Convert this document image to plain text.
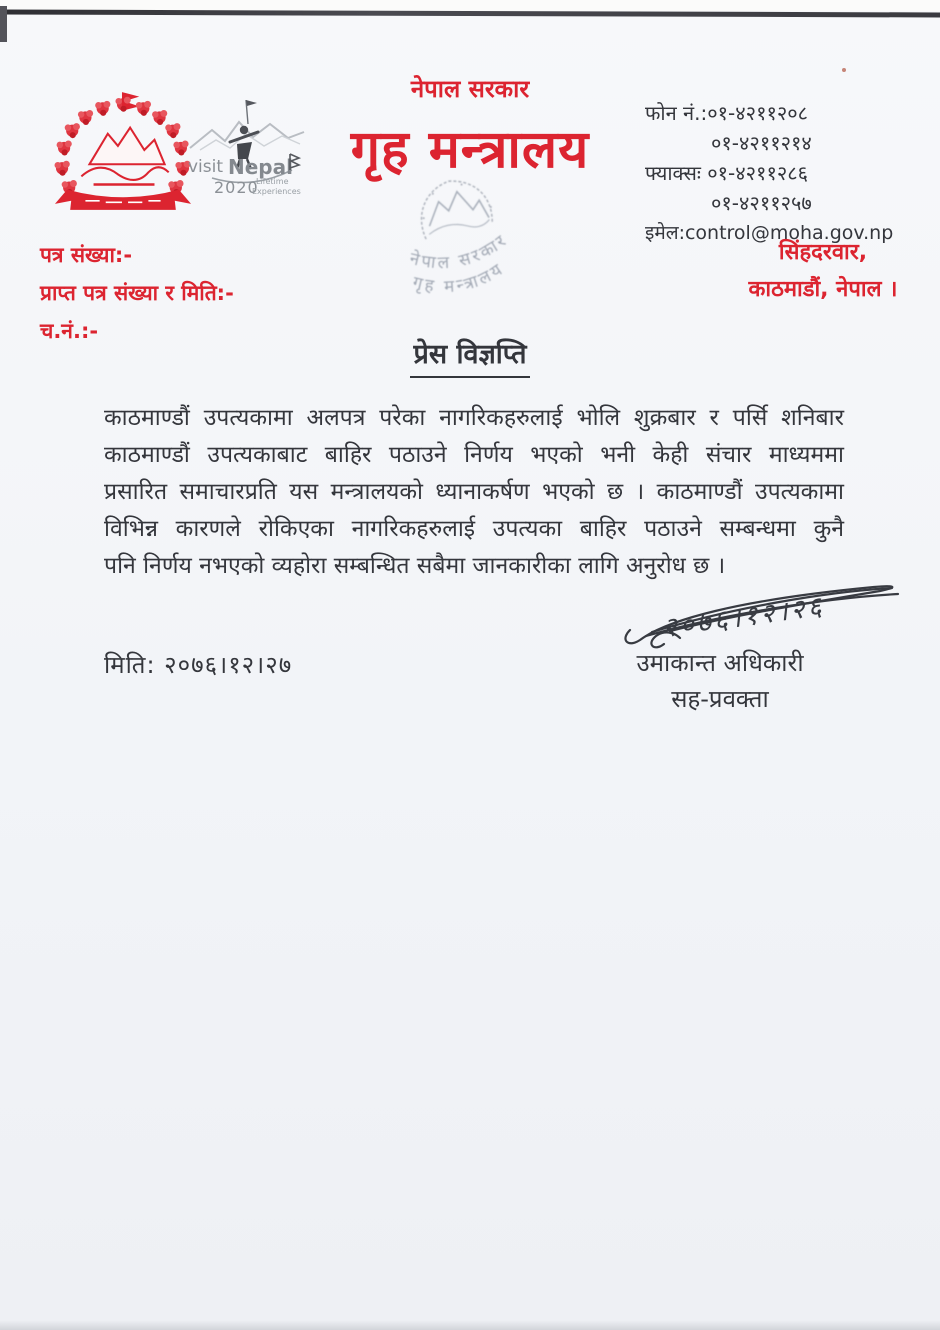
नेपाल सरकार
गृह मन्त्रालय
visit Nepal
2020
Lifetime
Experiences
नेपाल सरकार
गृह मन्त्रालय
फोन नं.:०१-४२११२०८
०१-४२११२१४
फ्याक्सः ०१-४२११२८६
०१-४२११२५७
इमेल:control@moha.gov.np
पत्र संख्या:-
प्राप्त पत्र संख्या र मिति:-
च.नं.:-
सिंहदरवार,
काठमाडौं, नेपाल ।
प्रेस विज्ञप्ति
काठमाण्डौं उपत्यकामा अलपत्र परेका नागरिकहरुलाई भोलि शुक्रबार र पर्सि शनिबार
काठमाण्डौं उपत्यकाबाट बाहिर पठाउने निर्णय भएको भनी केही संचार माध्यममा
प्रसारित समाचारप्रति यस मन्त्रालयको ध्यानाकर्षण भएको छ । काठमाण्डौं उपत्यकामा
विभिन्न कारणले रोकिएका नागरिकहरुलाई उपत्यका बाहिर पठाउने सम्बन्धमा कुनै
पनि निर्णय नभएको व्यहोरा सम्बन्धित सबैमा जानकारीका लागि अनुरोध छ ।
मिति: २०७६।१२।२७
२०७६।१२।२६
उमाकान्त अधिकारी
सह-प्रवक्ता
